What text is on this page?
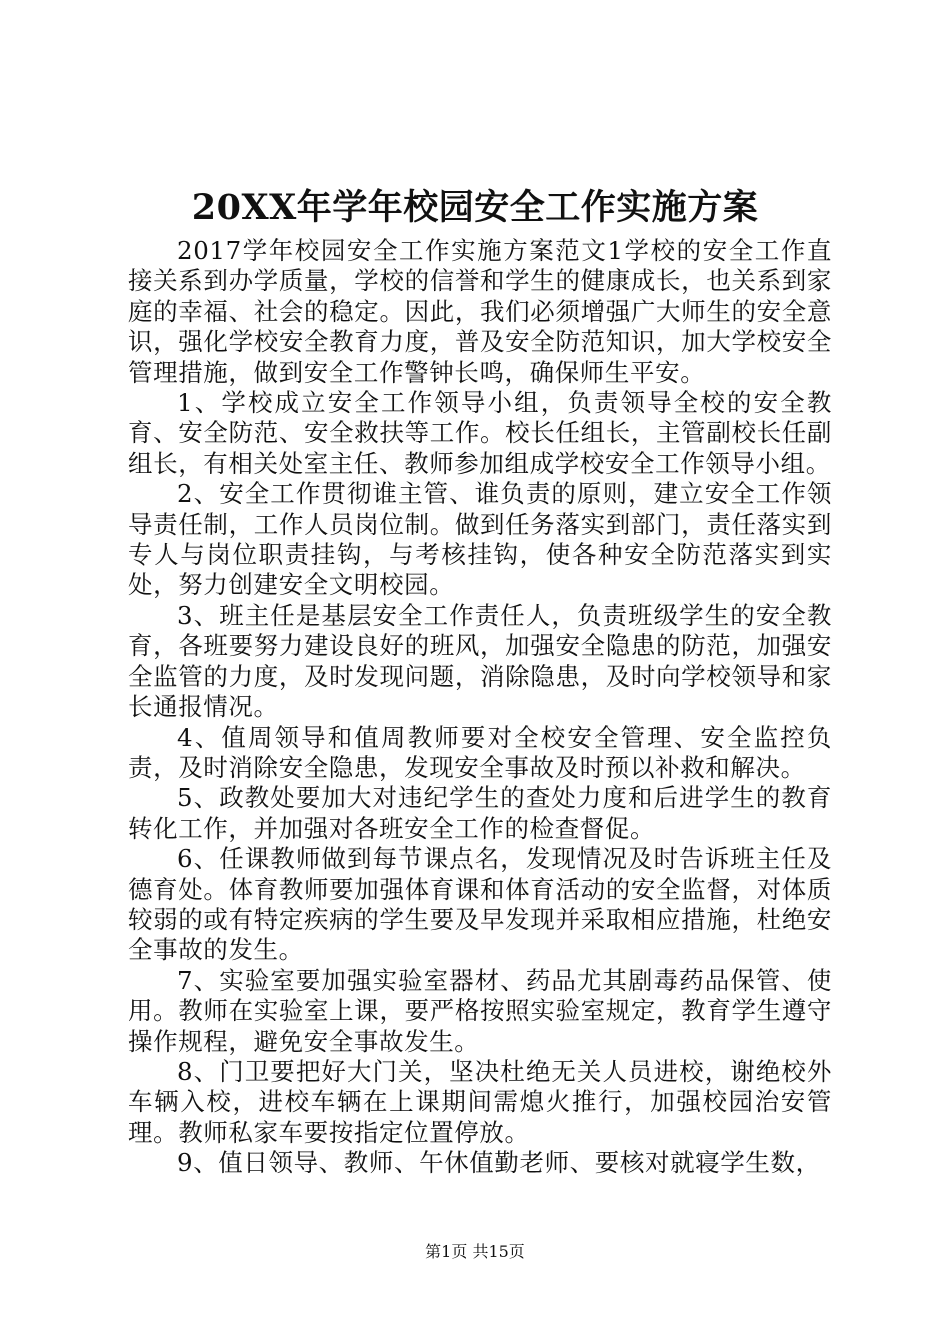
20XX年学年校园安全工作实施方案

2017学年校园安全工作实施方案范文1学校的安全工作直接关系到办学质量，学校的信誉和学生的健康成长，也关系到家庭的幸福、社会的稳定。因此，我们必须增强广大师生的安全意识，强化学校安全教育力度，普及安全防范知识，加大学校安全管理措施，做到安全工作警钟长鸣，确保师生平安。

1、学校成立安全工作领导小组，负责领导全校的安全教育、安全防范、安全救扶等工作。校长任组长，主管副校长任副组长，有相关处室主任、教师参加组成学校安全工作领导小组。

2、安全工作贯彻谁主管、谁负责的原则，建立安全工作领导责任制，工作人员岗位制。做到任务落实到部门，责任落实到专人与岗位职责挂钩，与考核挂钩，使各种安全防范落实到实处，努力创建安全文明校园。

3、班主任是基层安全工作责任人，负责班级学生的安全教育，各班要努力建设良好的班风，加强安全隐患的防范，加强安全监管的力度，及时发现问题，消除隐患，及时向学校领导和家长通报情况。

4、值周领导和值周教师要对全校安全管理、安全监控负责，及时消除安全隐患，发现安全事故及时预以补救和解决。

5、政教处要加大对违纪学生的查处力度和后进学生的教育转化工作，并加强对各班安全工作的检查督促。

6、任课教师做到每节课点名，发现情况及时告诉班主任及德育处。体育教师要加强体育课和体育活动的安全监督，对体质较弱的或有特定疾病的学生要及早发现并采取相应措施，杜绝安全事故的发生。

7、实验室要加强实验室器材、药品尤其剧毒药品保管、使用。教师在实验室上课，要严格按照实验室规定，教育学生遵守操作规程，避免安全事故发生。

8、门卫要把好大门关，坚决杜绝无关人员进校，谢绝校外车辆入校，进校车辆在上课期间需熄火推行，加强校园治安管理。教师私家车要按指定位置停放。

9、值日领导、教师、午休值勤老师、要核对就寝学生数，

第1页 共15页
